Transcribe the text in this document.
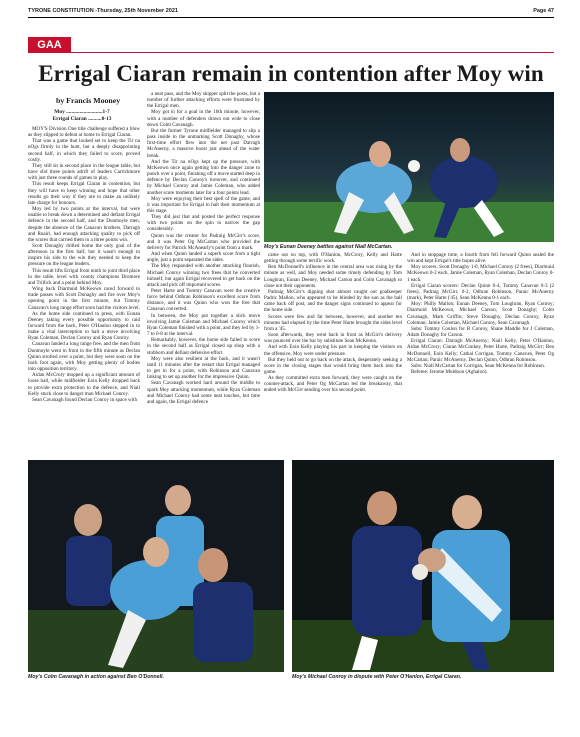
TYRONE CONSTITUTION -Thursday, 25th November 2021	Page 47
GAA
Errigal Ciaran remain in contention after Moy win
by Francis Mooney
Moy ...........................1-7
Errigal Ciaran ..........0-13

MOY'S Division One title challenge suffered a blow as they slipped to defeat at home to Errigal Ciaran.

That was a game that looked set to keep the Tir na nOgs firmly in the hunt, but a deeply disappointing second half, in which they failed to score, proved costly.

They still sit in second place in the league table, but have slid three points adrift of leaders Carrickmore with just three rounds of games to play.

This result keeps Errigal Ciaran in contention, but they will have to keep winning and hope that other results go their way if they are to make an unlikely late charge for honours.

Moy led by two points at the interval, but were unable to break down a determined and defiant Errigal defence in the second half, and the Dunmoyle men, despite the absence of the Canavan brothers, Darragh and Ruairi, had enough attacking quality to pick off the scores that carried them to a three points win.

Scott Donaghy drilled home the only goal of the afternoon in the first half, but it wasn't enough to inspire his side to the win they needed to keep the pressure on the league leaders.

This result lifts Errigal from ninth to joint third place in the table, level with county champions Dromore and Trillick and a point behind Moy.

Wing back Diarmuid McKeown raced forward to trade passes with Scott Donaghy and fire over Moy's opening point in the first minute, but Tommy Canavan's long range effort soon had the visitors level.

As the home side continued to press, with Eunan Deeney taking every possible opportunity to raid forward from the back, Peter O'Hanlon stepped in to make a vital interception to halt a move involving Ryan Coleman, Declan Conroy and Ryan Conroy.

Canavan landed a long range free, and the men from Dunmoyle went in front in the fifth minute as Declan Quinn strolled over a point, but they were soon on the back foot again, with Moy getting plenty of bodies into opposition territory.

Aidan McCrory mopped up a significant amount of loose ball, while midfielder Eoin Kelly dropped back to provide extra protection to the defence, and Niall Kelly stuck close to danger man Michael Conroy.

Sean Cavanagh found Declan Conroy in space with

a neat pass, and the Moy skipper split the posts, but a number of further attacking efforts were frustrated by the Errigal men.

Moy got in for a goal in the 16th minute, however, with a number of defenders drawn out wide to close down Colm Cavanagh.

But the former Tyrone midfielder managed to slip a pass inside to the unmarking Scott Donaghy, whose first-time effort flew into the net past Darragh McAnerny, a massive boost just ahead of the water break.

And the Tir na nOgs kept up the pressure, with McKeown once again getting into the danger zone to punch over a point, finishing off a move started deep in defence by Declan Conroy's turnover, and continued by Michael Conroy and Jamie Coleman, who added another score moments later for a four points lead.

Moy were enjoying their best spell of the game, and it was important for Errigal to halt their momentum at this stage.

They did just that and posted the perfect response with two points on the spin to narrow the gap considerably.

Quinn was the creator for Padraig McGirr's score, and it was Peter Og McCartan who provided the delivery for Patrick McAnearly's point from a mark.

And when Quinn landed a superb score from a tight angle, just a point separated the sides.

The Moy responded with another attacking flourish, Michael Conroy winning two frees that he converted himself, but again Errigal recovered to get back on the attack and pick off important scores.

Peter Harte and Tommy Canavan were the creative force behind Odhran Robinson's excellent score from distance, and it was Quinn who won the free that Canavan converted.

In between, the Moy put together a slick move involving Jamie Coleman and Michael Conroy which Ryan Coleman finished with a point, and they led by 1-7 to 0-8 at the interval.

Remarkably, however, the home side failed to score in the second half as Errigal closed up shop with a stubborn and defiant defensive effort.

Moy were also resilient at the back, and it wasn't until 11 minutes after the restart that Errigal managed to get in for a point, with Robinson and Canavan linking to set up another for the impressive Quinn.

Sean Cavanagh worked hard around the middle to spark Moy attacking momentum, while Ryan Coleman and Michael Conroy had some neat touches, but time and again, the Errigal defence

came out on top, with O'Hanlon, McCrory, Kelly and Harte getting through some terrific work.

Ben McDonnell's influence in the central area was rising by the minute as well, and Moy needed some timely defending by Tom Loughran, Eunan Deeney, Michael Carson and Colm Cavanagh to close out their opponents.

Padraig McGirr's dipping shot almost caught out goalkeeper Padric Mallon, who appeared to be blinded by the sun as the ball came back off post, and the danger signs continued to appear for the home side.

Scores were few and far between, however, and another ten minutes had elapsed by the time Peter Harte brought the sides level from a '45.

Soon afterwards, they went back in front as McGirr's delivery was pounced over the bar by substitute Sean McKenna.

And with Eoin Kelly playing his part in keeping the visitors on the offensive, Moy were under pressure.

But they held out to go back on the attack, desperately seeking a score in the closing stages that would bring them back into the game.

As they committed extra men forward, they were caught on the counter-attack, and Peter Og McCartan led the breakaway, that ended with McGirr sending over his second point.

And in stoppage time, a fourth from fell forward Quinn sealed the win and kept Errigal's title hopes alive.

Moy scorers: Scott Donaghy 1-0, Michael Conroy (2 frees), Diarmuid McKeown 0-2 each, Jamie Coleman, Ryan Coleman, Declan Conroy 0-1 each.

Errigal Ciaran scorers: Declan Quinn 0-4, Tommy Canavan 0-3 (2 frees), Padraig McGirr, 0-2, Odhran Robinson, Paraic McAnerny (mark), Peter Harte ('45), Sean McKenna 0-1 each.

Moy: Philly Mallon; Eunan Deeney, Tom Loughran, Ryan Conroy; Diarmuid McKeown, Michael Carson, Scott Donaghy; Colm Cavanagh, Mark Griffin; Steve Donaghy, Declan Conroy, Ryan Coleman; Jamie Coleman, Michael Conroy, Sean Cavanagh.

Subs: Tommy Conlon for R Conroy, Shane Maddle for J Coleman, Adam Donaghy for Carson.

Errigal Ciaran: Darragh McAnerny; Niall Kelly, Peter O'Hanlon, Aidan McCrory; Ciaran McConkey, Peter Harte, Padraig McGirr; Ben McDonnell, Eoin Kelly; Cathal Corrigan, Tommy Canavan, Peter Og McCartan; Paraic McAnerny, Declan Quinn, Odhran Robinson.

Subs: Niall McCartan for Corrigan, Sean McKenna for Robinson.

Referee: Jerome Muldoon (Aghaloo).

Moy's Eunan Deeney battles against Niall McCartan.
Moy's Colm Cavanagh in action against Ben O'Donnell.	Moy's Michael Conroy in dispute with Peter O'Hanlon, Errigal Ciaran.
